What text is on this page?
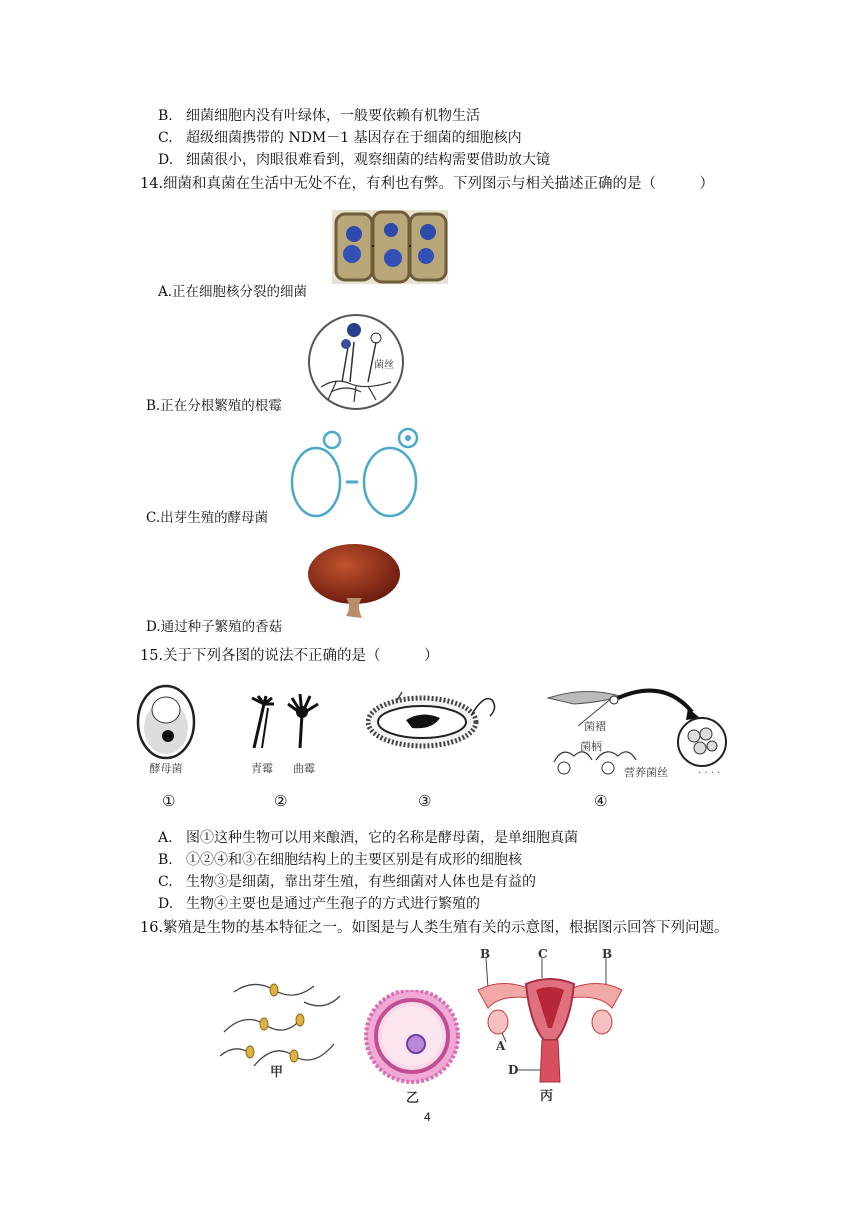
B. 细菌细胞内没有叶绿体，一般要依赖有机物生活
C. 超级细菌携带的 NDM－1 基因存在于细菌的细胞核内
D. 细菌很小，肉眼很难看到，观察细菌的结构需要借助放大镜
14.细菌和真菌在生活中无处不在，有利也有弊。下列图示与相关描述正确的是（　　　）
A.正在细胞核分裂的细菌
菌丝
B.正在分根繁殖的根霉
C.出芽生殖的酵母菌
D.通过种子繁殖的香菇
15.关于下列各图的说法不正确的是（　　　）
酵母菌	青霉 曲霉	· · · ·
菌褶
菌柄
营养菌丝
①	②	③	④
A. 图①这种生物可以用来酿酒，它的名称是酵母菌，是单细胞真菌
B. ①②④和③在细胞结构上的主要区别是有成形的细胞核
C. 生物③是细菌，靠出芽生殖，有些细菌对人体也是有益的
D. 生物④主要也是通过产生孢子的方式进行繁殖的
16.繁殖是生物的基本特征之一。如图是与人类生殖有关的示意图，根据图示回答下列问题。
甲
乙
B	C	B
A
D
丙
4
